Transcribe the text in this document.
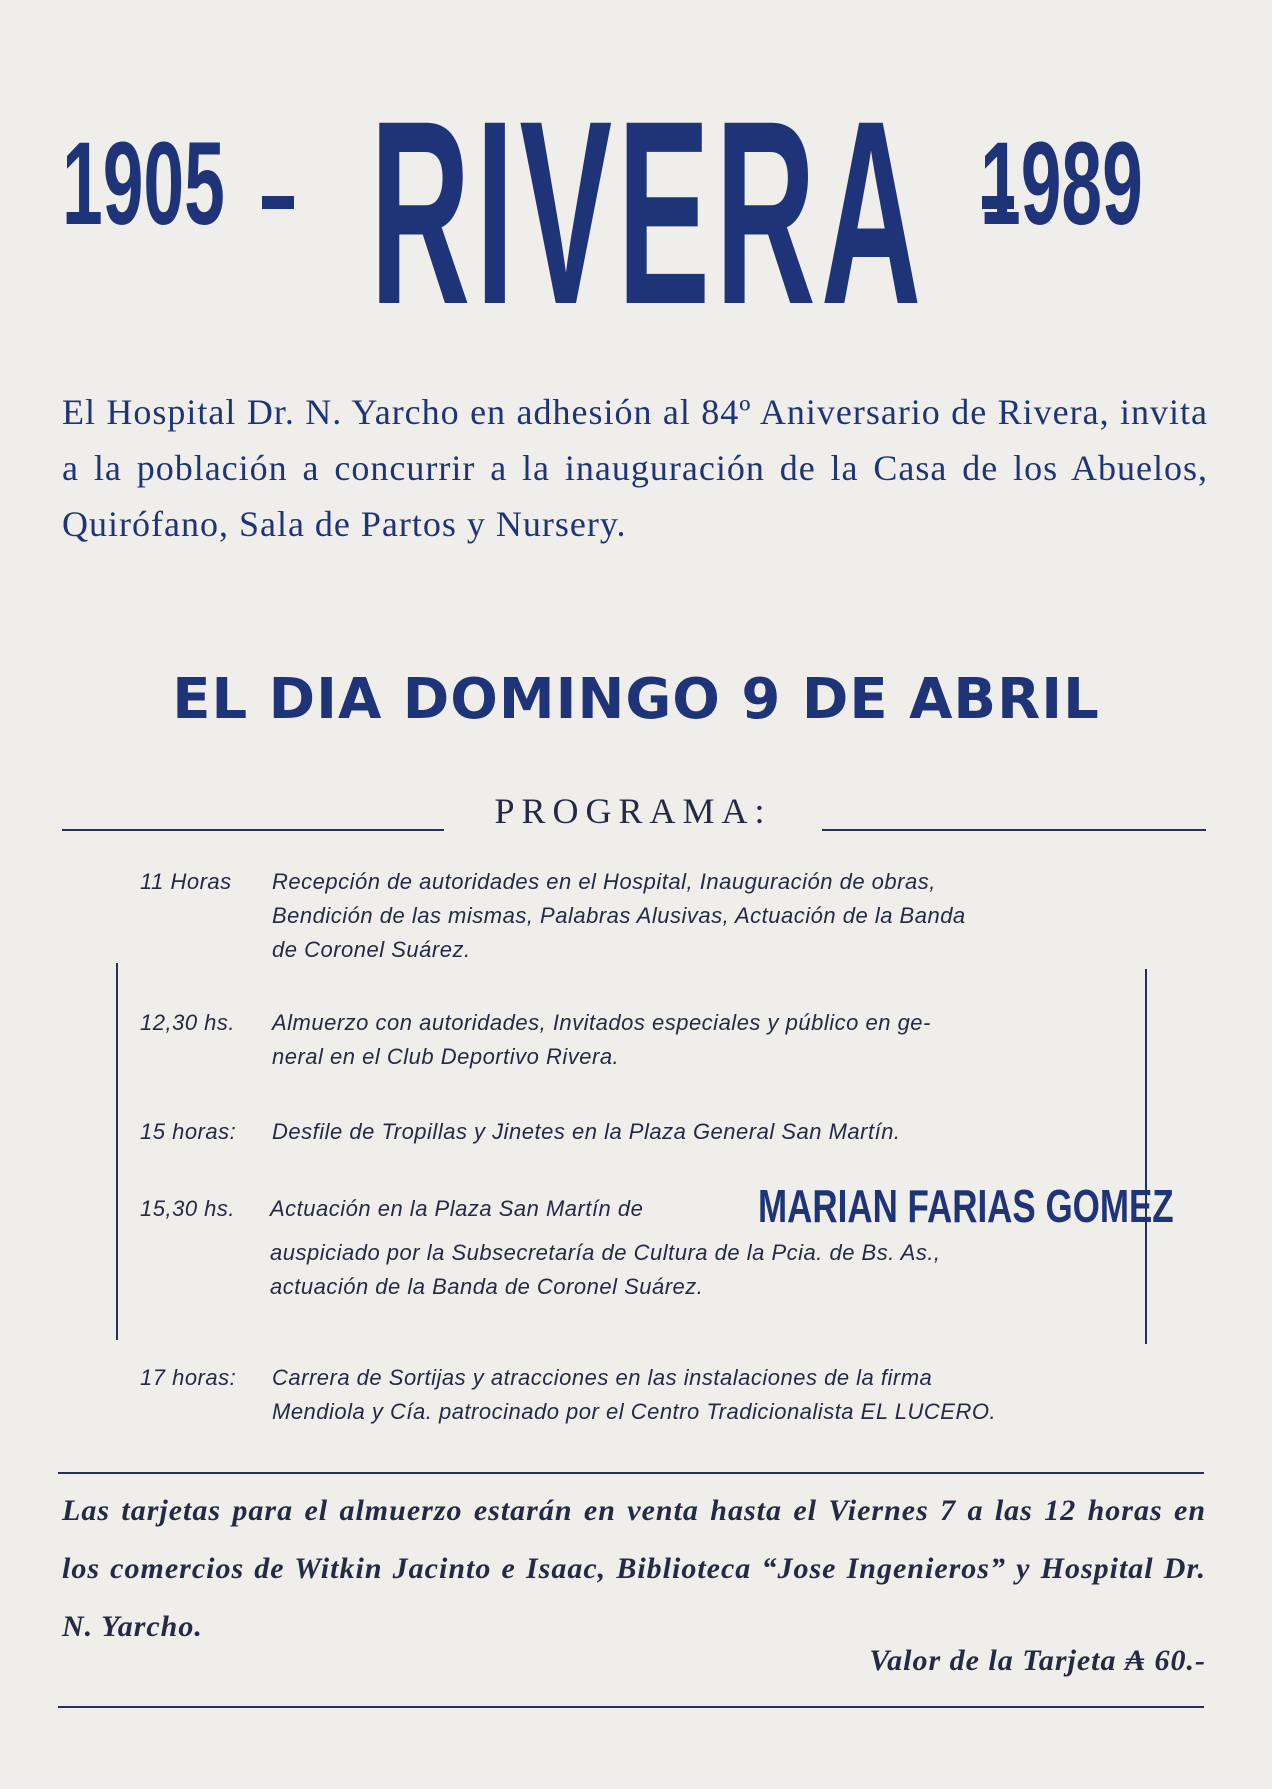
1905 RIVERA 1989
El Hospital Dr. N. Yarcho en adhesión al 84º Aniversario de Rivera, invita a la población a concurrir a la inauguración de la Casa de los Abuelos, Quirófano, Sala de Partos y Nursery.
EL DIA DOMINGO 9 DE ABRIL
PROGRAMA:
11 Horas Recepción de autoridades en el Hospital, Inauguración de obras,
Bendición de las mismas, Palabras Alusivas, Actuación de la Banda
de Coronel Suárez.
12,30 hs. Almuerzo con autoridades, Invitados especiales y público en ge-
neral en el Club Deportivo Rivera.
15 horas: Desfile de Tropillas y Jinetes en la Plaza General San Martín.
15,30 hs. Actuación en la Plaza San Martín de
auspiciado por la Subsecretaría de Cultura de la Pcia. de Bs. As.,
actuación de la Banda de Coronel Suárez.
MARIAN FARIAS GOMEZ
17 horas: Carrera de Sortijas y atracciones en las instalaciones de la firma
Mendiola y Cía. patrocinado por el Centro Tradicionalista EL LUCERO.
Las tarjetas para el almuerzo estarán en venta hasta el Viernes 7 a las 12 horas en los comercios de Witkin Jacinto e Isaac, Biblioteca “Jose Ingenieros” y Hospital Dr. N. Yarcho.
Valor de la Tarjeta ₳ 60.-
